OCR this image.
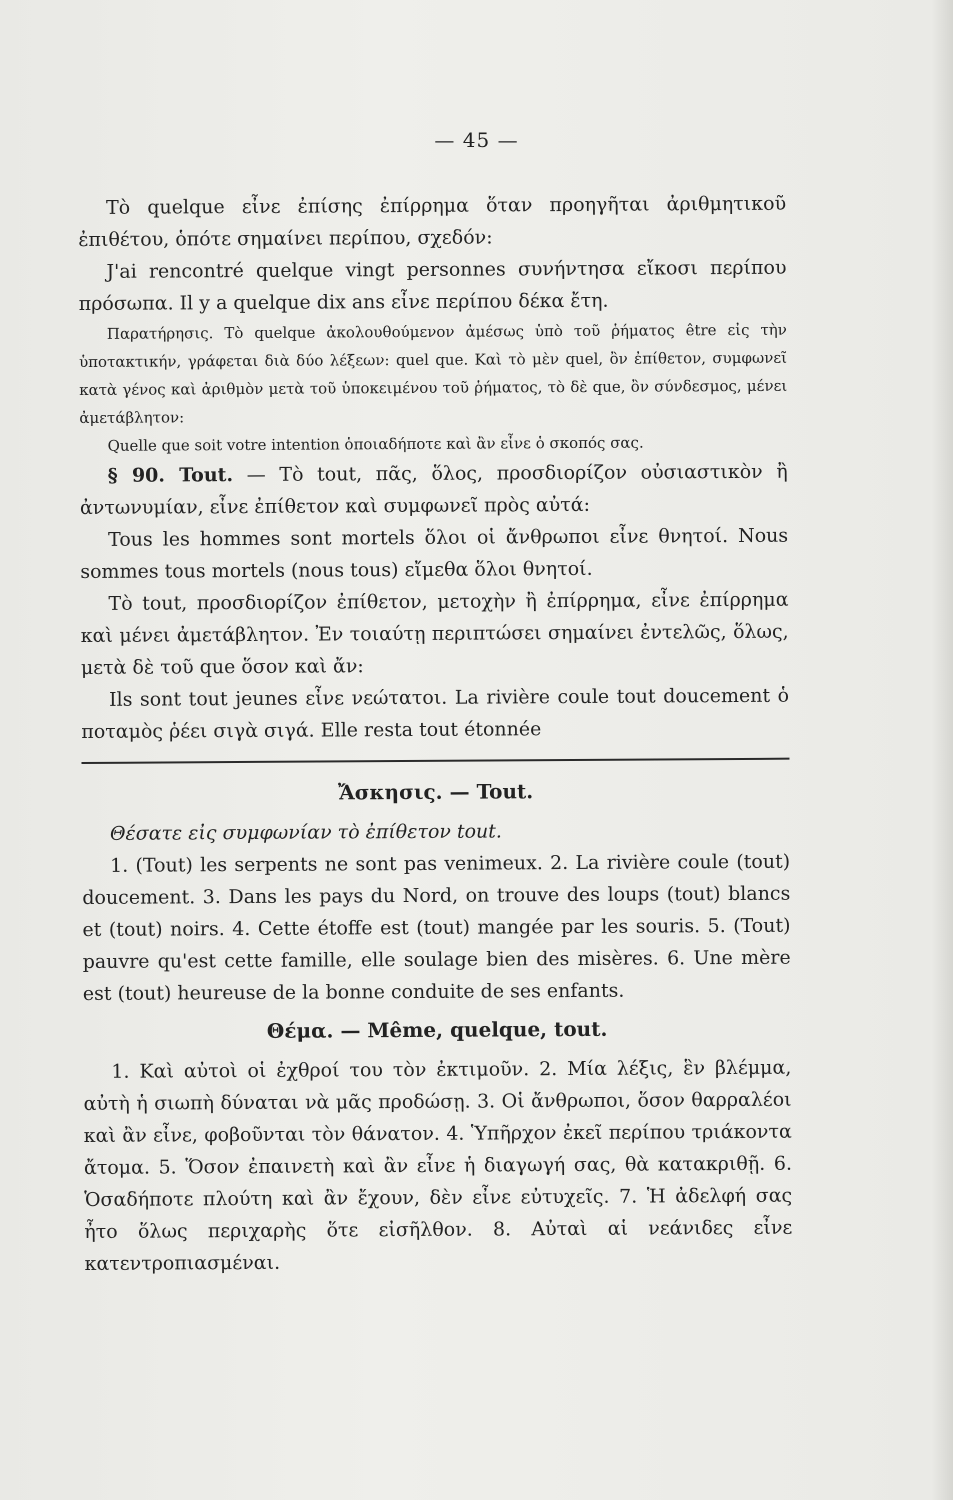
— 45 —

Τὸ quelque εἶνε ἐπίσης ἐπίρρημα ὅταν προηγῆται ἀριθμητικοῦ ἐπιθέτου, ὁπότε σημαίνει περίπου, σχεδόν:

J'ai rencontré quelque vingt personnes συνήντησα εἴκοσι περίπου πρόσωπα. Il y a quelque dix ans εἶνε περίπου δέκα ἔτη.

Παρατήρησις. Τὸ quelque ἀκολουθούμενον ἀμέσως ὑπὸ τοῦ ῥήματος être εἰς τὴν ὑποτακτικήν, γράφεται διὰ δύο λέξεων: quel que. Καὶ τὸ μὲν quel, ὂν ἐπίθετον, συμφωνεῖ κατὰ γένος καὶ ἀριθμὸν μετὰ τοῦ ὑποκειμένου τοῦ ῥήματος, τὸ δὲ que, ὂν σύνδεσμος, μένει ἀμετάβλητον:

Quelle que soit votre intention ὁποιαδήποτε καὶ ἂν εἶνε ὁ σκοπός σας.

§ 90. Tout. — Τὸ tout, πᾶς, ὅλος, προσδιορίζον οὐσιαστικὸν ἢ ἀντωνυμίαν, εἶνε ἐπίθετον καὶ συμφωνεῖ πρὸς αὐτά:

Tous les hommes sont mortels ὅλοι οἱ ἄνθρωποι εἶνε θνητοί. Nous sommes tous mortels (nous tous) εἴμεθα ὅλοι θνητοί.

Τὸ tout, προσδιορίζον ἐπίθετον, μετοχὴν ἢ ἐπίρρημα, εἶνε ἐπίρρημα καὶ μένει ἀμετάβλητον. Ἐν τοιαύτῃ περιπτώσει σημαίνει ἐντελῶς, ὅλως, μετὰ δὲ τοῦ que ὅσον καὶ ἄν:

Ils sont tout jeunes εἶνε νεώτατοι. La rivière coule tout doucement ὁ ποταμὸς ῥέει σιγὰ σιγά. Elle resta tout étonnée

Ἄσκησις. — Tout.

Θέσατε εἰς συμφωνίαν τὸ ἐπίθετον tout.

1. (Tout) les serpents ne sont pas venimeux. 2. La rivière coule (tout) doucement. 3. Dans les pays du Nord, on trouve des loups (tout) blancs et (tout) noirs. 4. Cette étoffe est (tout) mangée par les souris. 5. (Tout) pauvre qu'est cette famille, elle soulage bien des misères. 6. Une mère est (tout) heureuse de la bonne conduite de ses enfants.

Θέμα. — Même, quelque, tout.

1. Καὶ αὐτοὶ οἱ ἐχθροί του τὸν ἐκτιμοῦν. 2. Μία λέξις, ἓν βλέμμα, αὐτὴ ἡ σιωπὴ δύναται νὰ μᾶς προδώσῃ. 3. Οἱ ἄνθρωποι, ὅσον θαρραλέοι καὶ ἂν εἶνε, φοβοῦνται τὸν θάνατον. 4. Ὑπῆρχον ἐκεῖ περίπου τριάκοντα ἄτομα. 5. Ὅσον ἐπαινετὴ καὶ ἂν εἶνε ἡ διαγωγή σας, θὰ κατακριθῇ. 6. Ὁσαδήποτε πλούτη καὶ ἂν ἔχουν, δὲν εἶνε εὐτυχεῖς. 7. Ἡ ἀδελφή σας ἦτο ὅλως περιχαρὴς ὅτε εἰσῆλθον. 8. Αὐταὶ αἱ νεάνιδες εἶνε κατεντροπιασμέναι.
